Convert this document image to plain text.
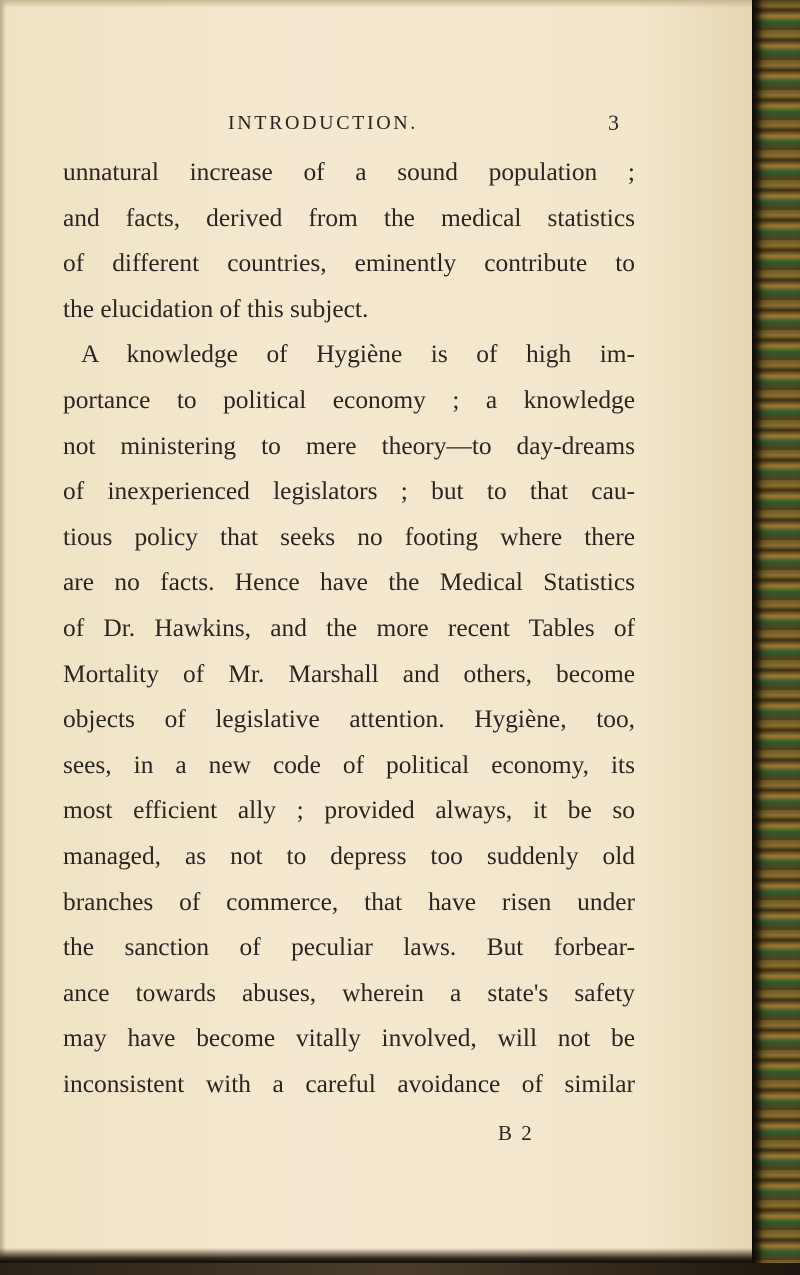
INTRODUCTION.	3
unnatural increase of a sound population ;
and facts, derived from the medical statistics
of different countries, eminently contribute to
the elucidation of this subject.
A knowledge of Hygiène is of high im-
portance to political economy ; a knowledge
not ministering to mere theory—to day-dreams
of inexperienced legislators ; but to that cau-
tious policy that seeks no footing where there
are no facts. Hence have the Medical Statistics
of Dr. Hawkins, and the more recent Tables of
Mortality of Mr. Marshall and others, become
objects of legislative attention. Hygiène, too,
sees, in a new code of political economy, its
most efficient ally ; provided always, it be so
managed, as not to depress too suddenly old
branches of commerce, that have risen under
the sanction of peculiar laws. But forbear-
ance towards abuses, wherein a state's safety
may have become vitally involved, will not be
inconsistent with a careful avoidance of similar
B 2
